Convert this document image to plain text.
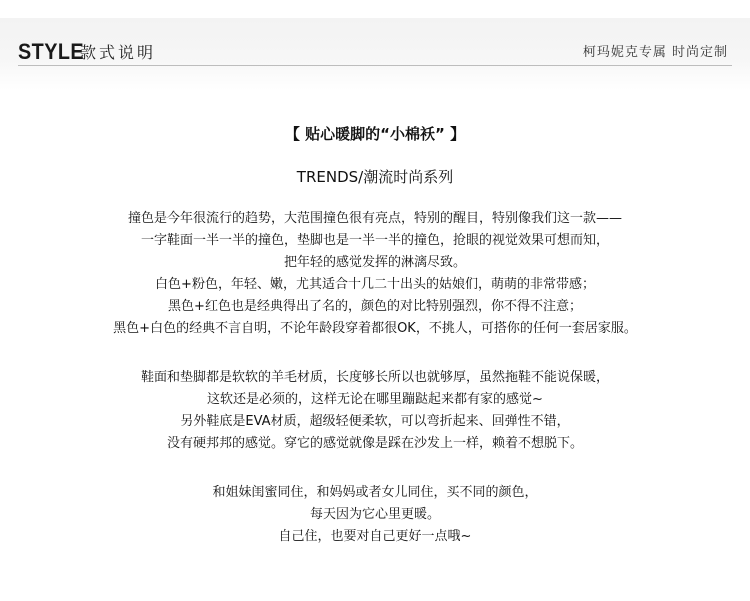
STYLE
款式说明	柯玛妮克专属 时尚定制
【 贴心暖脚的“小棉袄” 】
TRENDS/潮流时尚系列
撞色是今年很流行的趋势，大范围撞色很有亮点，特别的醒目，特别像我们这一款——
一字鞋面一半一半的撞色，垫脚也是一半一半的撞色，抢眼的视觉效果可想而知，
把年轻的感觉发挥的淋漓尽致。
白色+粉色，年轻、嫩，尤其适合十几二十出头的姑娘们，萌萌的非常带感；
黑色+红色也是经典得出了名的，颜色的对比特别强烈，你不得不注意；
黑色+白色的经典不言自明，不论年龄段穿着都很OK，不挑人，可搭你的任何一套居家服。
鞋面和垫脚都是软软的羊毛材质，长度够长所以也就够厚，虽然拖鞋不能说保暖，
这软还是必须的，这样无论在哪里蹦跶起来都有家的感觉~
另外鞋底是EVA材质，超级轻便柔软，可以弯折起来、回弹性不错，
没有硬邦邦的感觉。穿它的感觉就像是踩在沙发上一样，赖着不想脱下。
和姐妹闺蜜同住，和妈妈或者女儿同住，买不同的颜色，
每天因为它心里更暖。
自己住，也要对自己更好一点哦~
